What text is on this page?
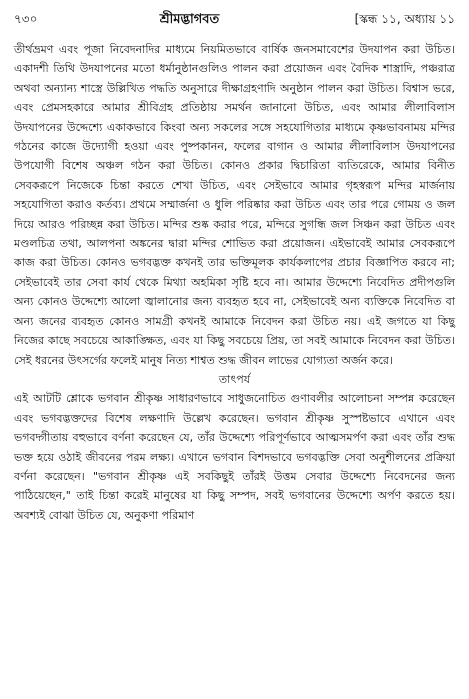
৭৩০	শ্রীমদ্ভাগবত	[স্কন্ধ ১১, অধ্যায় ১১
তীর্থভ্রমণ এবং পূজা নিবেদনাদির মাধ্যমে নিয়মিতভাবে বার্ষিক জনসমাবেশের উদযাপন করা উচিত। একাদশী তিথি উদযাপনের মতো ধর্মানুষ্ঠানগুলিও পালন করা প্রয়োজন এবং বৈদিক শাস্ত্রাদি, পঞ্চরাত্র অথবা অন্যান্য শাস্ত্রে উল্লিখিত পদ্ধতি অনুসারে দীক্ষাগ্রহণাদি অনুষ্ঠান পালন করা উচিত। বিশ্বাস ভরে, এবং প্রেমসহকারে আমার শ্রীবিগ্রহ প্রতিষ্ঠায় সমর্থন জানানো উচিত, এবং আমার লীলাবিলাস উদযাপনের উদ্দেশ্যে একাকভাবে কিংবা অন্য সকলের সঙ্গে সহযোগিতার মাধ্যমে কৃষ্ণভাবনাময় মন্দির গঠনের কাজে উদ্যোগী হওয়া এবং পুষ্পকানন, ফলের বাগান ও আমার লীলাবিলাস উদযাপনের উপযোগী বিশেষ অঞ্চল গঠন করা উচিত। কোনও প্রকার দ্বিচারিতা ব্যতিরেকে, আমার বিনীত সেবকরূপে নিজেকে চিন্তা করতে শেখা উচিত, এবং সেইভাবে আমার গৃহস্বরূপ মন্দির মার্জনায় সহযোগিতা করাও কর্তব্য। প্রথমে সম্মার্জনা ও ধুলি পরিষ্কার করা উচিত এবং তার পরে গোময় ও জল দিয়ে আরও পরিচ্ছন্ন করা উচিত। মন্দির শুষ্ক করার পরে, মন্দিরে সুগন্ধি জল সিঞ্চন করা উচিত এবং মণ্ডলচিত্র তথা, আলপনা অঙ্কনের দ্বারা মন্দির শোভিত করা প্রয়োজন। এইভাবেই আমার সেবকরূপে কাজ করা উচিত। কোনও ভগবদ্ভক্ত কখনই তার ভক্তিমূলক কার্যকলাপের প্রচার বিজ্ঞাপিত করবে না; সেইভাবেই তার সেবা কার্য থেকে মিথ্যা অহমিকা সৃষ্টি হবে না। আমার উদ্দেশ্যে নিবেদিত প্রদীপগুলি অন্য কোনও উদ্দেশ্যে আলো জ্বালানোর জন্য ব্যবহৃত হবে না, সেইভাবেই অন্য ব্যক্তিকে নিবেদিত বা অন্য জনের ব্যবহৃত কোনও সামগ্রী কখনই আমাকে নিবেদন করা উচিত নয়। এই জগতে যা কিছু নিজের কাছে সবচেয়ে আকাঙ্ক্ষিত, এবং যা কিছু সবচেয়ে প্রিয়, তা সবই আমাকে নিবেদন করা উচিত। সেই ধরনের উৎসর্গের ফলেই মানুষ নিত্য শাশ্বত শুদ্ধ জীবন লাভের যোগ্যতা অর্জন করে।
তাৎপর্য
এই আটটি শ্লোকে ভগবান শ্রীকৃষ্ণ সাধারণভাবে সাধুজনোচিত গুণাবলীর আলোচনা সম্পন্ন করেছেন এবং ভগবদ্ভক্তদের বিশেষ লক্ষণাদি উল্লেখ করেছেন। ভগবান শ্রীকৃষ্ণ সুস্পষ্টভাবে এখানে এবং ভগবদ্গীতায় বহুভাবে বর্ণনা করেছেন যে, তাঁর উদ্দেশ্যে পরিপূর্ণভাবে আত্মসমর্পণ করা এবং তাঁর শুদ্ধ ভক্ত হয়ে ওঠাই জীবনের পরম লক্ষ্য। এখানে ভগবান বিশদভাবে ভগবদ্ভক্তি সেবা অনুশীলনের প্রক্রিয়া বর্ণনা করেছেন। "ভগবান শ্রীকৃষ্ণ এই সবকিছুই তাঁরই উত্তম সেবার উদ্দেশ্যে নিবেদনের জন্য পাঠিয়েছেন," তাই চিন্তা করেই মানুষের যা কিছু সম্পদ, সবই ভগবানের উদ্দেশ্যে অর্পণ করতে হয়। অবশ্যই বোঝা উচিত যে, অনুকণা পরিমাণ
